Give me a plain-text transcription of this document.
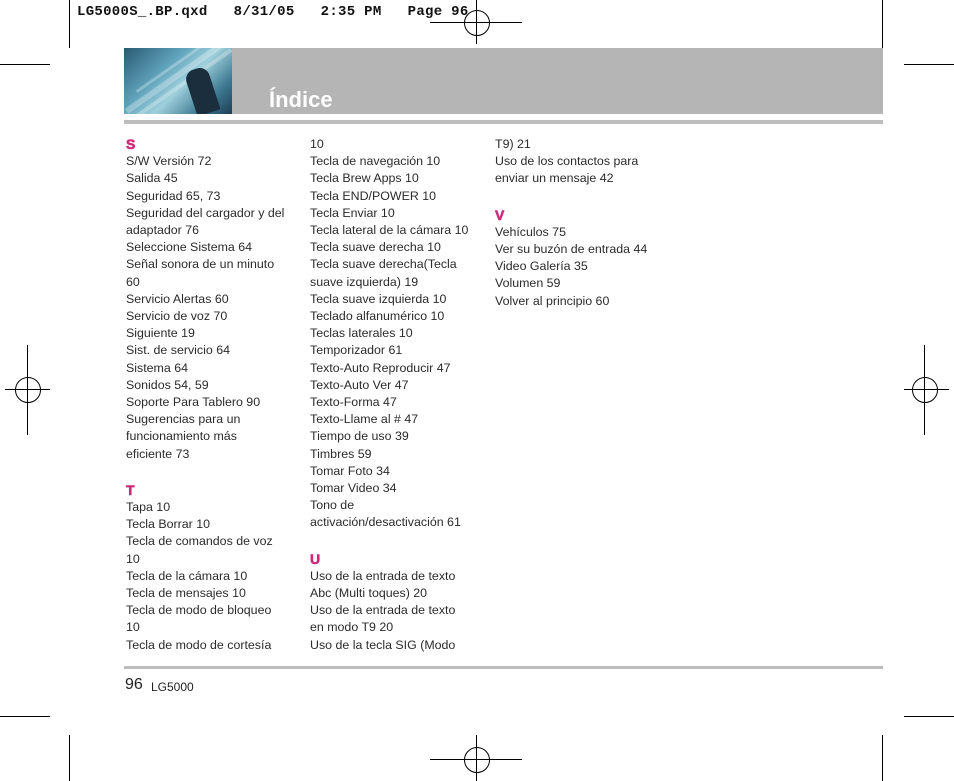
LG5000S_.BP.qxd   8/31/05   2:35 PM   Page 96
Índice

S

S/W Versión 72

Salida 45

Seguridad 65, 73

Seguridad del cargador y del

adaptador 76

Seleccione Sistema 64

Señal sonora de un minuto

60

Servicio Alertas 60

Servicio de voz 70

Siguiente 19

Sist. de servicio 64

Sistema 64

Sonidos 54, 59

Soporte Para Tablero 90

Sugerencias para un

funcionamiento más

eficiente 73

T

Tapa 10

Tecla Borrar 10

Tecla de comandos de voz

10

Tecla de la cámara 10

Tecla de mensajes 10

Tecla de modo de bloqueo

10

Tecla de modo de cortesía

10

Tecla de navegación 10

Tecla Brew Apps 10

Tecla END/POWER 10

Tecla Enviar 10

Tecla lateral de la cámara 10

Tecla suave derecha 10

Tecla suave derecha(Tecla

suave izquierda) 19

Tecla suave izquierda 10

Teclado alfanumérico 10

Teclas laterales 10

Temporizador 61

Texto-Auto Reproducir 47

Texto-Auto Ver 47

Texto-Forma 47

Texto-Llame al # 47

Tiempo de uso 39

Timbres 59

Tomar Foto 34

Tomar Video 34

Tono de

activación/desactivación 61

U

Uso de la entrada de texto

Abc (Multi toques) 20

Uso de la entrada de texto

en modo T9 20

Uso de la tecla SIG (Modo

T9) 21

Uso de los contactos para

enviar un mensaje 42

V

Vehículos 75

Ver su buzón de entrada 44

Video Galería 35

Volumen 59

Volver al principio 60

96 LG5000
